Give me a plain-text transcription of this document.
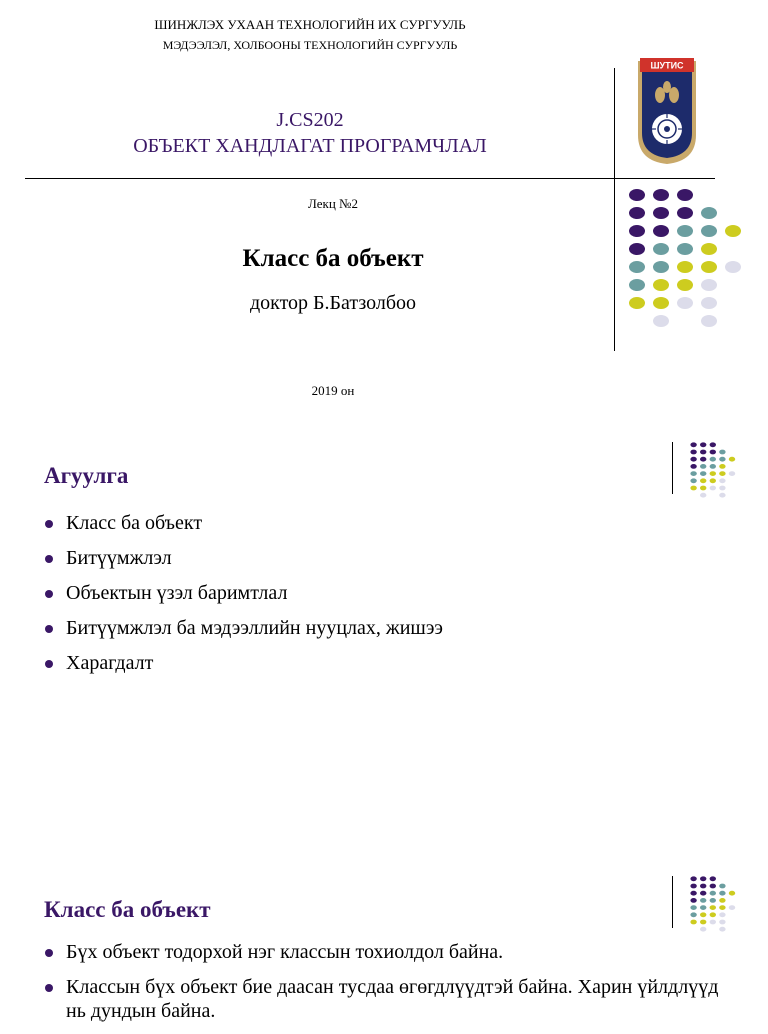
ШИНЖЛЭХ УХААН ТЕХНОЛОГИЙН ИХ СУРГУУЛЬ
МЭДЭЭЛЭЛ, ХОЛБООНЫ ТЕХНОЛОГИЙН СУРГУУЛЬ
J.CS202
ОБЪЕКТ ХАНДЛАГАТ ПРОГРАМЧЛАЛ
Лекц №2
Класс ба объект
доктор Б.Батзолбоо
2019 он
ШУТИС
Агуулга
Класс ба объект
Битүүмжлэл
Объектын үзэл баримтлал
Битүүмжлэл ба мэдээллийн нууцлах, жишээ
Харагдалт
Класс ба объект
Бүх объект тодорхой нэг классын тохиолдол байна.
Классын бүх объект бие даасан тусдаа өгөгдлүүдтэй байна. Харин үйлдлүүд нь дундын байна.
